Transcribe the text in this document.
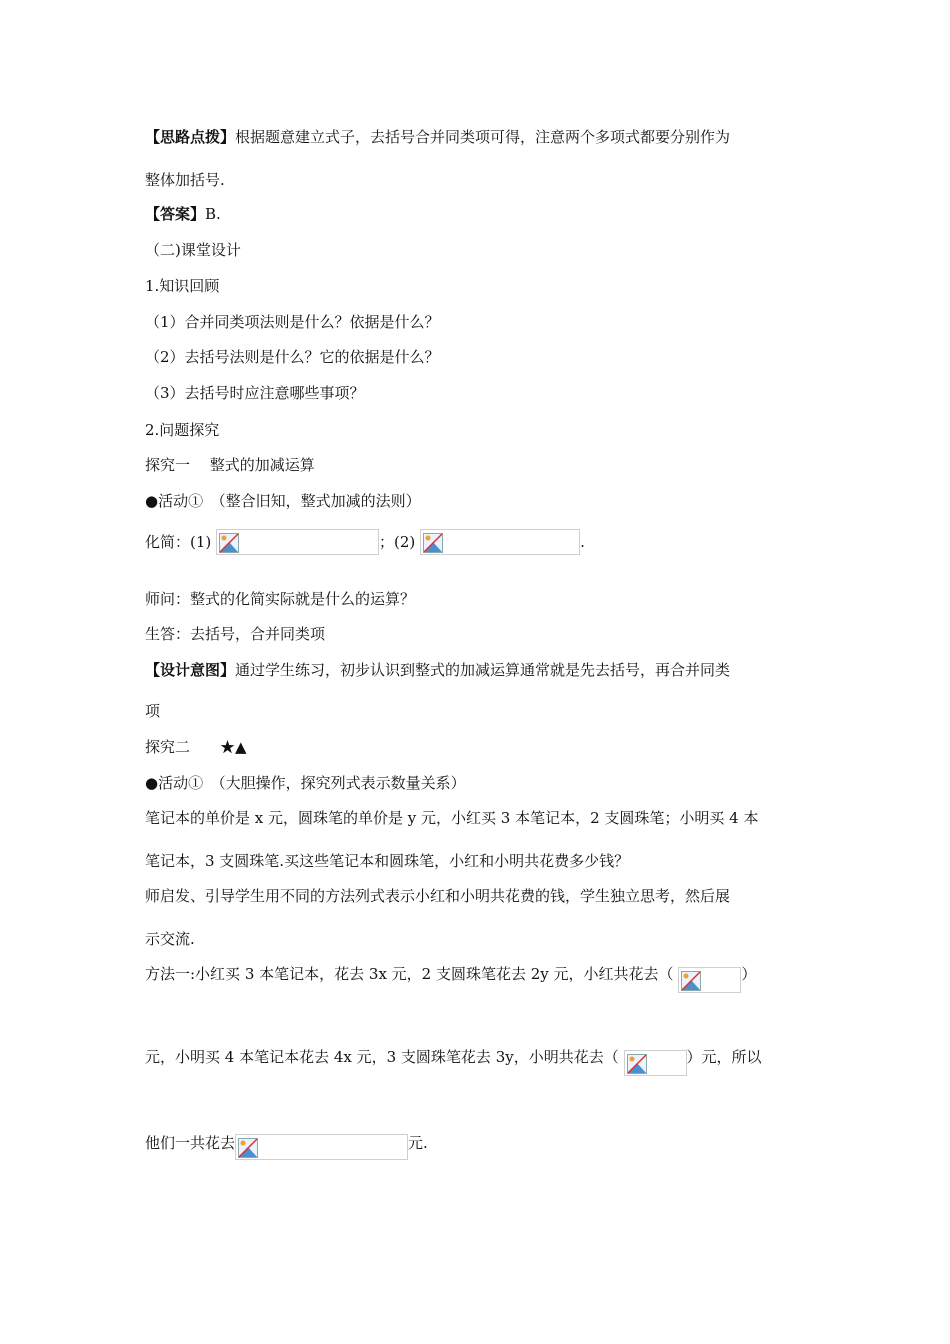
【思路点拨】根据题意建立式子，去括号合并同类项可得，注意两个多项式都要分别作为
整体加括号.
【答案】B.
（二)课堂设计
1.知识回顾
（1）合并同类项法则是什么？依据是什么？
（2）去括号法则是什么？它的依据是什么？
（3）去括号时应注意哪些事项？
2.问题探究
探究一　 整式的加减运算
●活动①　（整合旧知，整式加减的法则）
化简：(1)	；(2)	.
师问：整式的化简实际就是什么的运算？
生答：去括号，合并同类项
【设计意图】通过学生练习，初步认识到整式的加减运算通常就是先去括号，再合并同类
项
探究二　　★▲
●活动①　（大胆操作，探究列式表示数量关系）
笔记本的单价是 x 元，圆珠笔的单价是 y 元，小红买 3 本笔记本，2 支圆珠笔；小明买 4 本
笔记本，3 支圆珠笔.买这些笔记本和圆珠笔，小红和小明共花费多少钱？
师启发、引导学生用不同的方法列式表示小红和小明共花费的钱，学生独立思考，然后展
示交流.
方法一:小红买 3 本笔记本，花去 3x 元，2 支圆珠笔花去 2y 元，小红共花去（	）
元，小明买 4 本笔记本花去 4x 元，3 支圆珠笔花去 3y，小明共花去（	）元，所以
他们一共花去	元.
